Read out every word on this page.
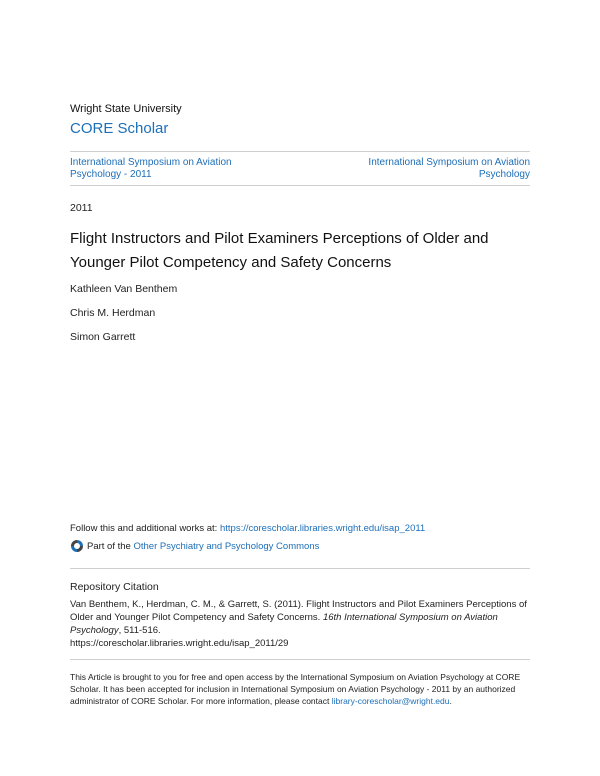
Wright State University
CORE Scholar
International Symposium on Aviation Psychology - 2011
International Symposium on Aviation Psychology
2011
Flight Instructors and Pilot Examiners Perceptions of Older and Younger Pilot Competency and Safety Concerns
Kathleen Van Benthem
Chris M. Herdman
Simon Garrett
Follow this and additional works at: https://corescholar.libraries.wright.edu/isap_2011
Part of the
Other Psychiatry and Psychology Commons
Repository Citation
Van Benthem, K., Herdman, C. M., & Garrett, S. (2011). Flight Instructors and Pilot Examiners Perceptions of Older and Younger Pilot Competency and Safety Concerns. 16th International Symposium on Aviation Psychology, 511-516.
https://corescholar.libraries.wright.edu/isap_2011/29
This Article is brought to you for free and open access by the International Symposium on Aviation Psychology at CORE Scholar. It has been accepted for inclusion in International Symposium on Aviation Psychology - 2011 by an authorized administrator of CORE Scholar. For more information, please contact library-corescholar@wright.edu.
